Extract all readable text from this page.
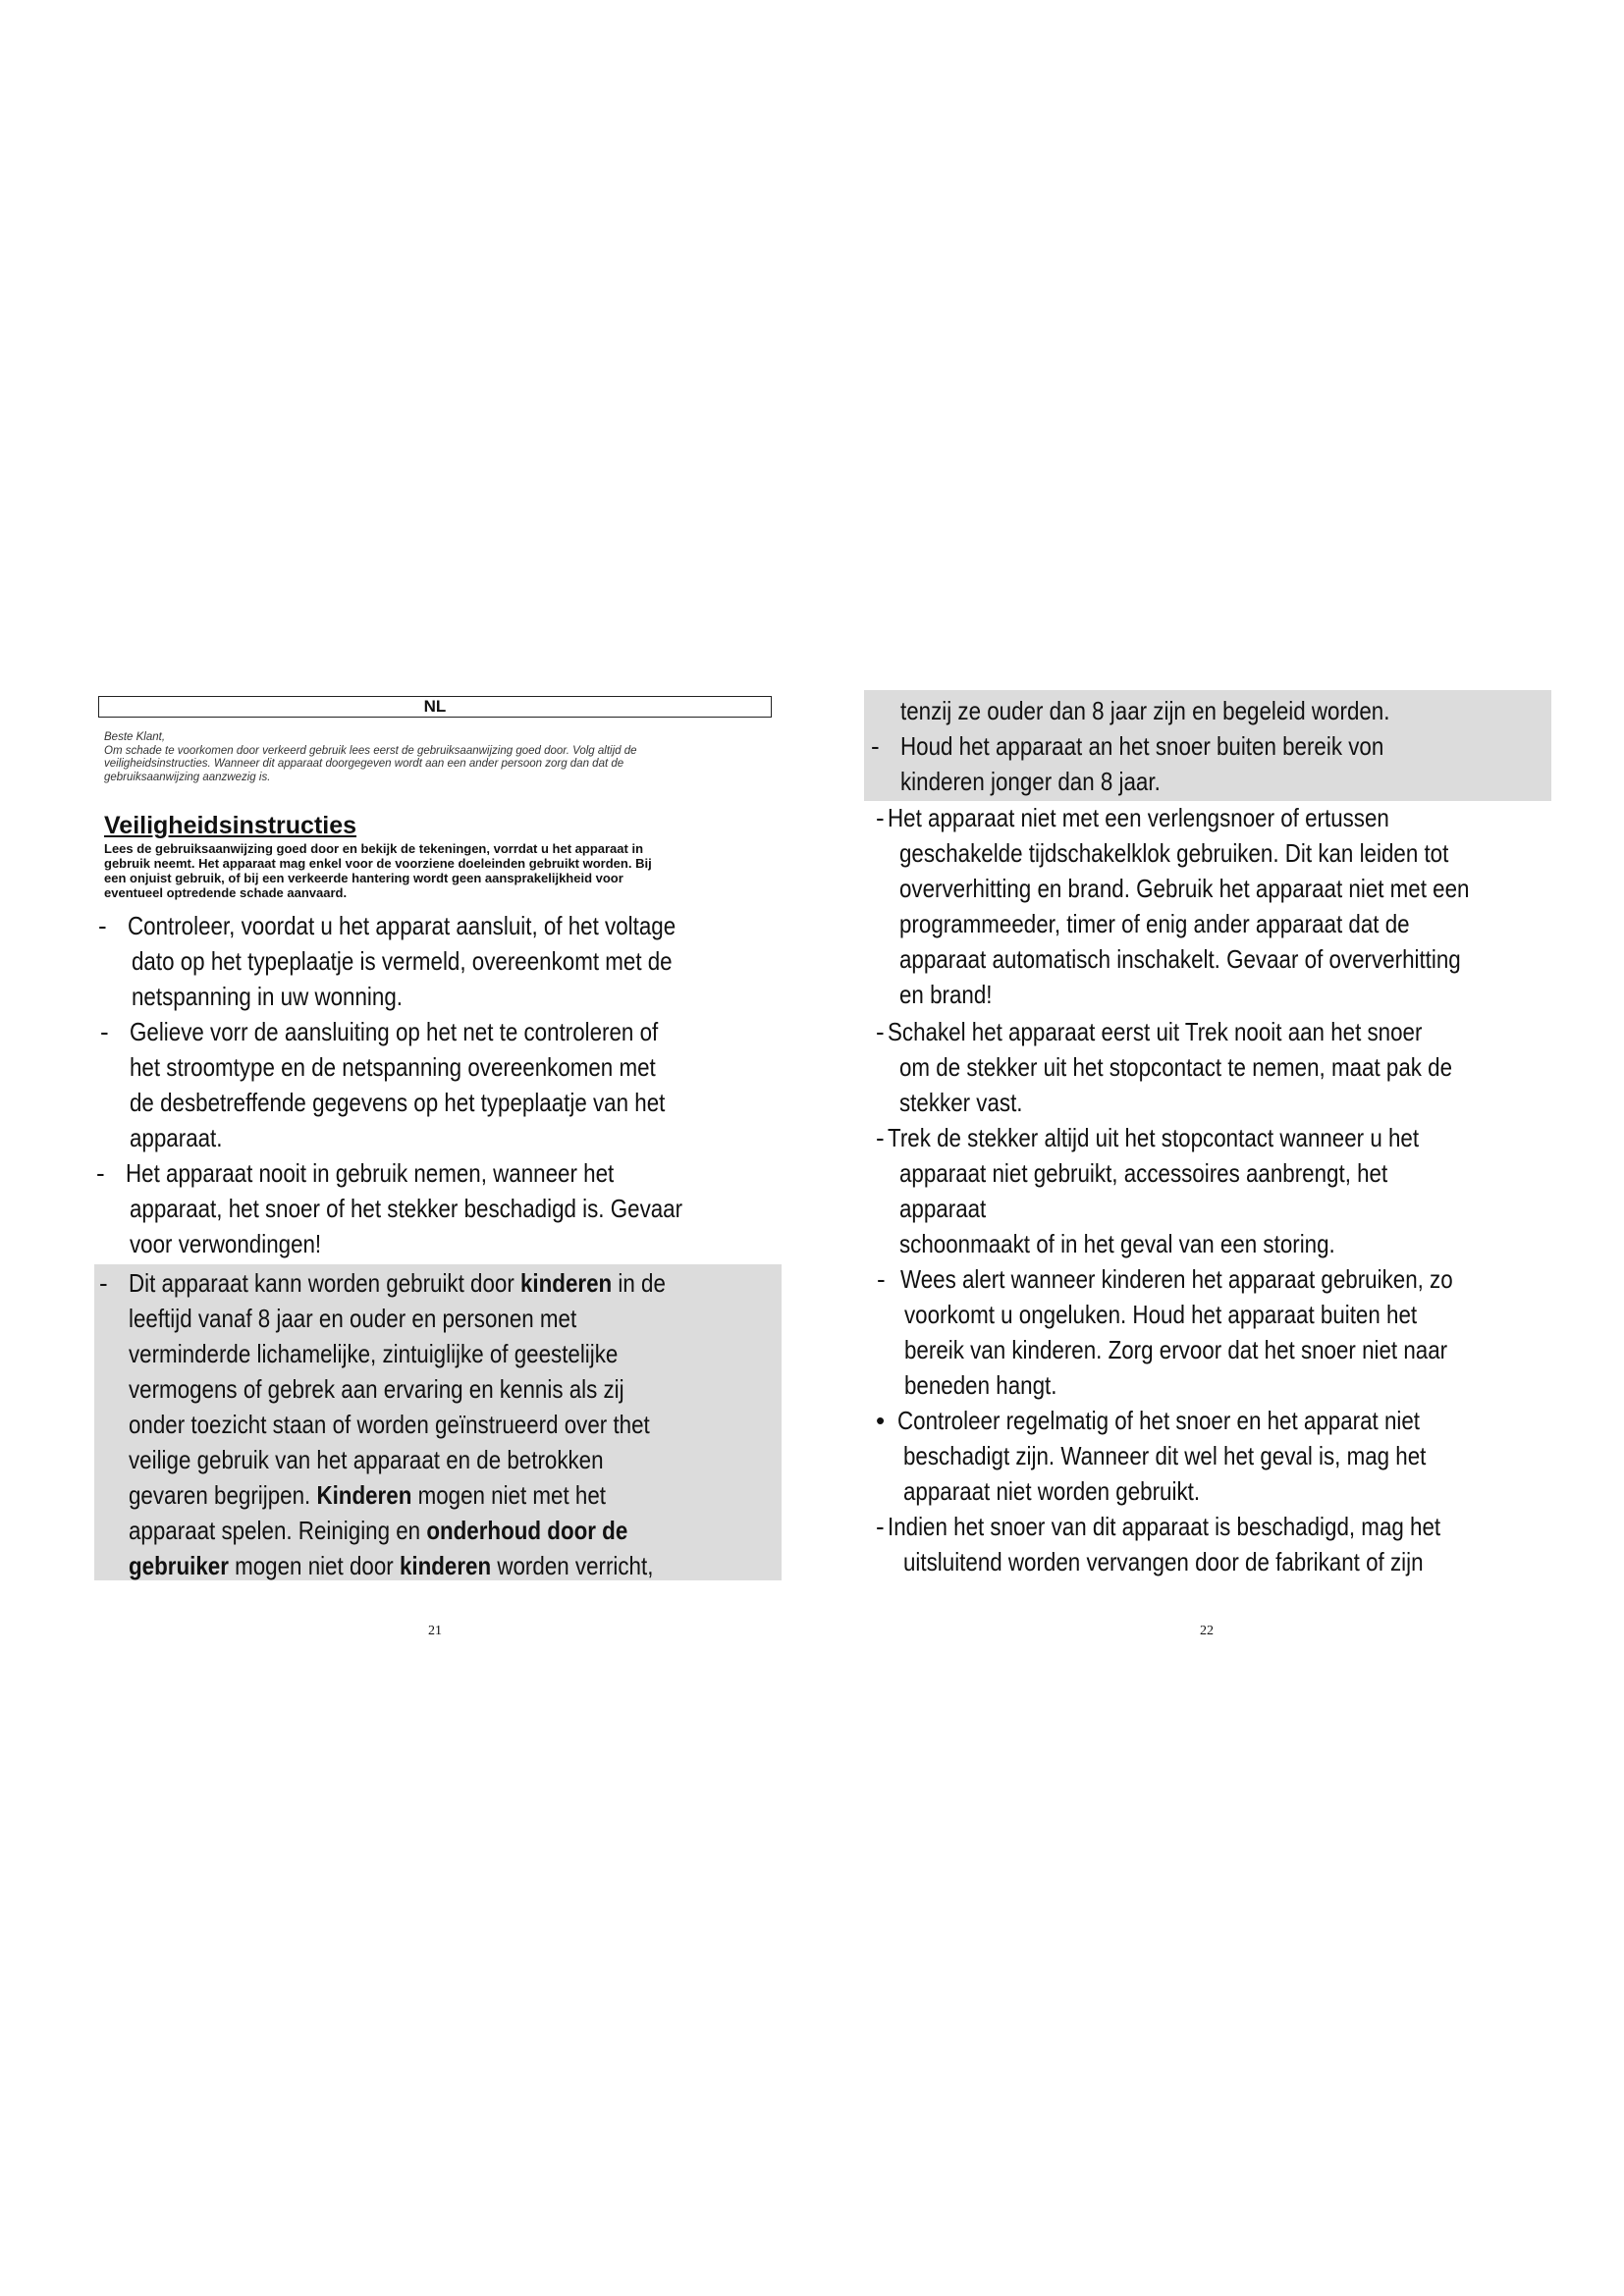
NL
Beste Klant,
Om schade te voorkomen door verkeerd gebruik lees eerst de gebruiksaanwijzing goed door. Volg altijd de
veiligheidsinstructies. Wanneer dit apparaat doorgegeven wordt aan een ander persoon zorg dan dat de
gebruiksaanwijzing aanzwezig is.
Veiligheidsinstructies
Lees de gebruiksaanwijzing goed door en bekijk de tekeningen, vorrdat u het apparaat in
gebruik neemt. Het apparaat mag enkel voor de voorziene doeleinden gebruikt worden. Bij
een onjuist gebruik, of bij een verkeerde hantering wordt geen aansprakelijkheid voor
eventueel optredende schade aanvaard.
- Controleer, voordat u het apparat aansluit, of het voltage
dato op het typeplaatje is vermeld, overeenkomt met de
netspanning in uw wonning.
- Gelieve vorr de aansluiting op het net te controleren of
het stroomtype en de netspanning overeenkomen met
de desbetreffende gegevens op het typeplaatje van het
apparaat.
- Het apparaat nooit in gebruik nemen, wanneer het
apparaat, het snoer of het stekker beschadigd is. Gevaar
voor verwondingen!
- Dit apparaat kann worden gebruikt door kinderen in de
leeftijd vanaf 8 jaar en ouder en personen met
verminderde lichamelijke, zintuiglijke of geestelijke
vermogens of gebrek aan ervaring en kennis als zij
onder toezicht staan of worden geïnstrueerd over thet
veilige gebruik van het apparaat en de betrokken
gevaren begrijpen. Kinderen mogen niet met het
apparaat spelen. Reiniging en onderhoud door de
gebruiker mogen niet door kinderen worden verricht,
21
tenzij ze ouder dan 8 jaar zijn en begeleid worden.
- Houd het apparaat an het snoer buiten bereik von
kinderen jonger dan 8 jaar.
- Het apparaat niet met een verlengsnoer of ertussen
geschakelde tijdschakelklok gebruiken. Dit kan leiden tot
oververhitting en brand. Gebruik het apparaat niet met een
programmeeder, timer of enig ander apparaat dat de
apparaat automatisch inschakelt. Gevaar of oververhitting
en brand!
- Schakel het apparaat eerst uit Trek nooit aan het snoer
om de stekker uit het stopcontact te nemen, maat pak de
stekker vast.
- Trek de stekker altijd uit het stopcontact wanneer u het
apparaat niet gebruikt, accessoires aanbrengt, het
apparaat
schoonmaakt of in het geval van een storing.
- Wees alert wanneer kinderen het apparaat gebruiken, zo
voorkomt u ongeluken. Houd het apparaat buiten het
bereik van kinderen. Zorg ervoor dat het snoer niet naar
beneden hangt.
• Controleer regelmatig of het snoer en het apparat niet
beschadigt zijn. Wanneer dit wel het geval is, mag het
apparaat niet worden gebruikt.
- Indien het snoer van dit apparaat is beschadigd, mag het
uitsluitend worden vervangen door de fabrikant of zijn
22
